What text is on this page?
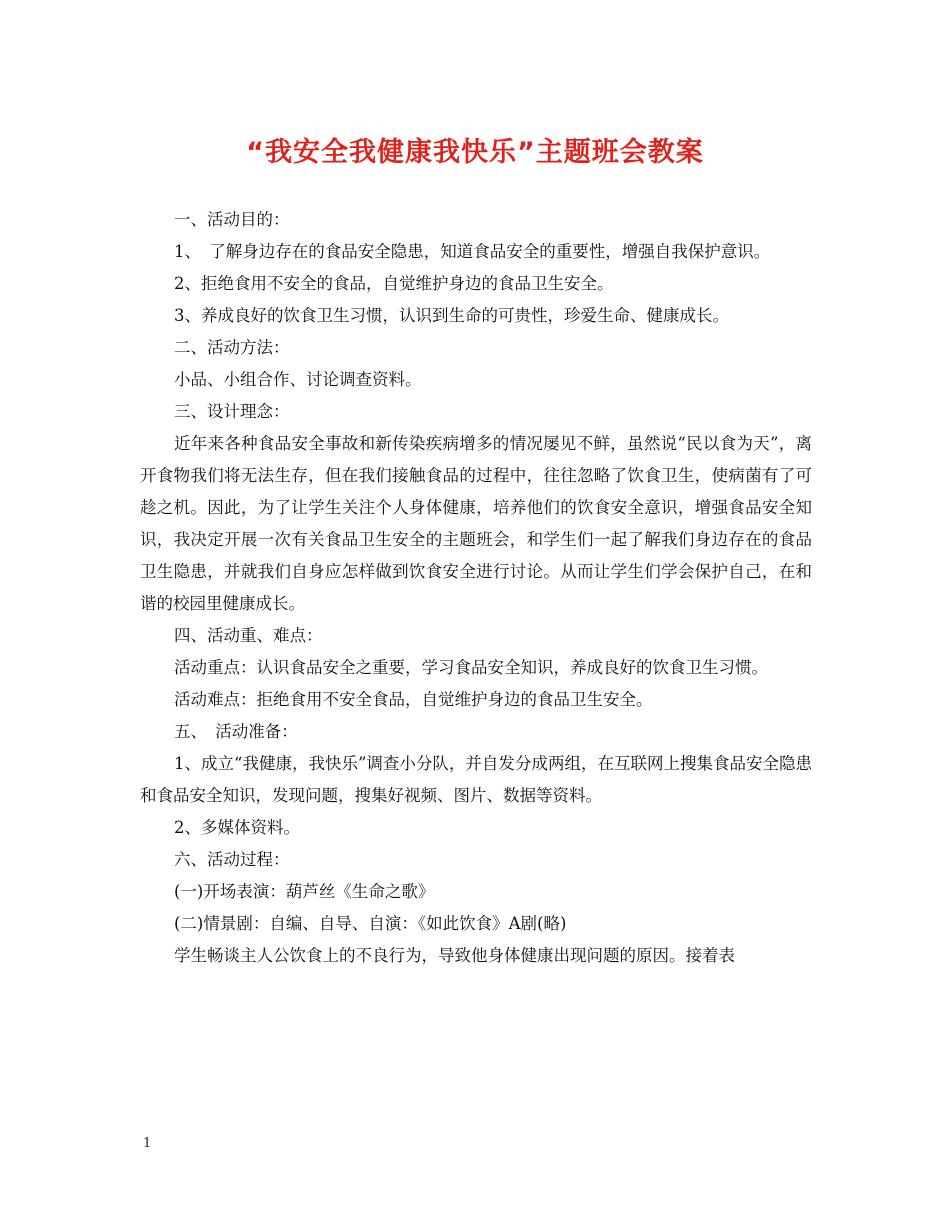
“我安全我健康我快乐”主题班会教案

一、活动目的：

1、　了解身边存在的食品安全隐患，知道食品安全的重要性，增强自我保护意识。

2、拒绝食用不安全的食品，自觉维护身边的食品卫生安全。

3、养成良好的饮食卫生习惯，认识到生命的可贵性，珍爱生命、健康成长。

二、活动方法：

小品、小组合作、讨论调查资料。

三、设计理念：

近年来各种食品安全事故和新传染疾病增多的情况屡见不鲜，虽然说“民以食为天”，离开食物我们将无法生存，但在我们接触食品的过程中，往往忽略了饮食卫生，使病菌有了可趁之机。因此，为了让学生关注个人身体健康，培养他们的饮食安全意识，增强食品安全知识，我决定开展一次有关食品卫生安全的主题班会，和学生们一起了解我们身边存在的食品卫生隐患，并就我们自身应怎样做到饮食安全进行讨论。从而让学生们学会保护自己，在和谐的校园里健康成长。

四、活动重、难点：

活动重点：认识食品安全之重要，学习食品安全知识，养成良好的饮食卫生习惯。

活动难点：拒绝食用不安全食品，自觉维护身边的食品卫生安全。

五、　活动准备：

1、成立“我健康，我快乐”调查小分队，并自发分成两组，在互联网上搜集食品安全隐患和食品安全知识，发现问题，搜集好视频、图片、数据等资料。

2、多媒体资料。

六、活动过程：

(一)开场表演：葫芦丝《生命之歌》

(二)情景剧：自编、自导、自演：《如此饮食》A剧(略)

学生畅谈主人公饮食上的不良行为，导致他身体健康出现问题的原因。接着表

1
